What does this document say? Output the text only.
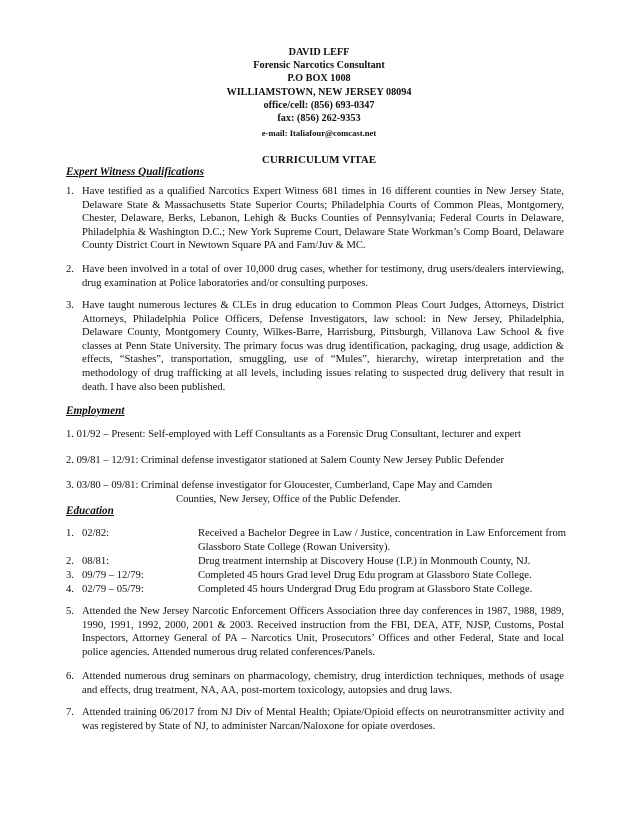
DAVID LEFF
Forensic Narcotics Consultant
P.O BOX 1008
WILLIAMSTOWN, NEW JERSEY 08094
office/cell: (856) 693-0347
fax: (856) 262-9353
e-mail: Italiafour@comcast.net
CURRICULUM VITAE
Expert Witness Qualifications
1. Have testified as a qualified Narcotics Expert Witness 681 times in 16 different counties in New Jersey State, Delaware State & Massachusetts State Superior Courts; Philadelphia Courts of Common Pleas, Montgomery, Chester, Delaware, Berks, Lebanon, Lehigh & Bucks Counties of Pennsylvania; Federal Courts in Delaware, Philadelphia & Washington D.C.; New York Supreme Court, Delaware State Workman’s Comp Board, Delaware County District Court in Newtown Square PA and Fam/Juv & MC.
2. Have been involved in a total of over 10,000 drug cases, whether for testimony, drug users/dealers interviewing, drug examination at Police laboratories and/or consulting purposes.
3. Have taught numerous lectures & CLEs in drug education to Common Pleas Court Judges, Attorneys, District Attorneys, Philadelphia Police Officers, Defense Investigators, law school: in New Jersey, Philadelphia, Delaware County, Montgomery County, Wilkes-Barre, Harrisburg, Pittsburgh, Villanova Law School & five classes at Penn State University. The primary focus was drug identification, packaging, drug usage, addiction & effects, “Stashes”, transportation, smuggling, use of “Mules”, hierarchy, wiretap interpretation and the methodology of drug trafficking at all levels, including issues relating to suspected drug delivery that result in death. I have also been published.
Employment
1. 01/92 – Present: Self-employed with Leff Consultants as a Forensic Drug Consultant, lecturer and expert
2. 09/81 – 12/91: Criminal defense investigator stationed at Salem County New Jersey Public Defender
3. 03/80 – 09/81: Criminal defense investigator for Gloucester, Cumberland, Cape May and Camden
Counties, New Jersey, Office of the Public Defender.
Education
1. 02/82:	Received a Bachelor Degree in Law / Justice, concentration in Law Enforcement from Glassboro State College (Rowan University).
2. 08/81:	Drug treatment internship at Discovery House (I.P.) in Monmouth County, NJ.
3. 09/79 – 12/79:	Completed 45 hours Grad level Drug Edu program at Glassboro State College.
4. 02/79 – 05/79:	Completed 45 hours Undergrad Drug Edu program at Glassboro State College.
5. Attended the New Jersey Narcotic Enforcement Officers Association three day conferences in 1987, 1988, 1989, 1990, 1991, 1992, 2000, 2001 & 2003. Received instruction from the FBI, DEA, ATF, NJSP, Customs, Postal Inspectors, Attorney General of PA – Narcotics Unit, Prosecutors’ Offices and other Federal, State and local police agencies. Attended numerous drug related conferences/Panels.
6. Attended numerous drug seminars on pharmacology, chemistry, drug interdiction techniques, methods of usage and effects, drug treatment, NA, AA, post-mortem toxicology, autopsies and drug laws.
7. Attended training 06/2017 from NJ Div of Mental Health; Opiate/Opioid effects on neurotransmitter activity and was registered by State of NJ, to administer Narcan/Naloxone for opiate overdoses.
